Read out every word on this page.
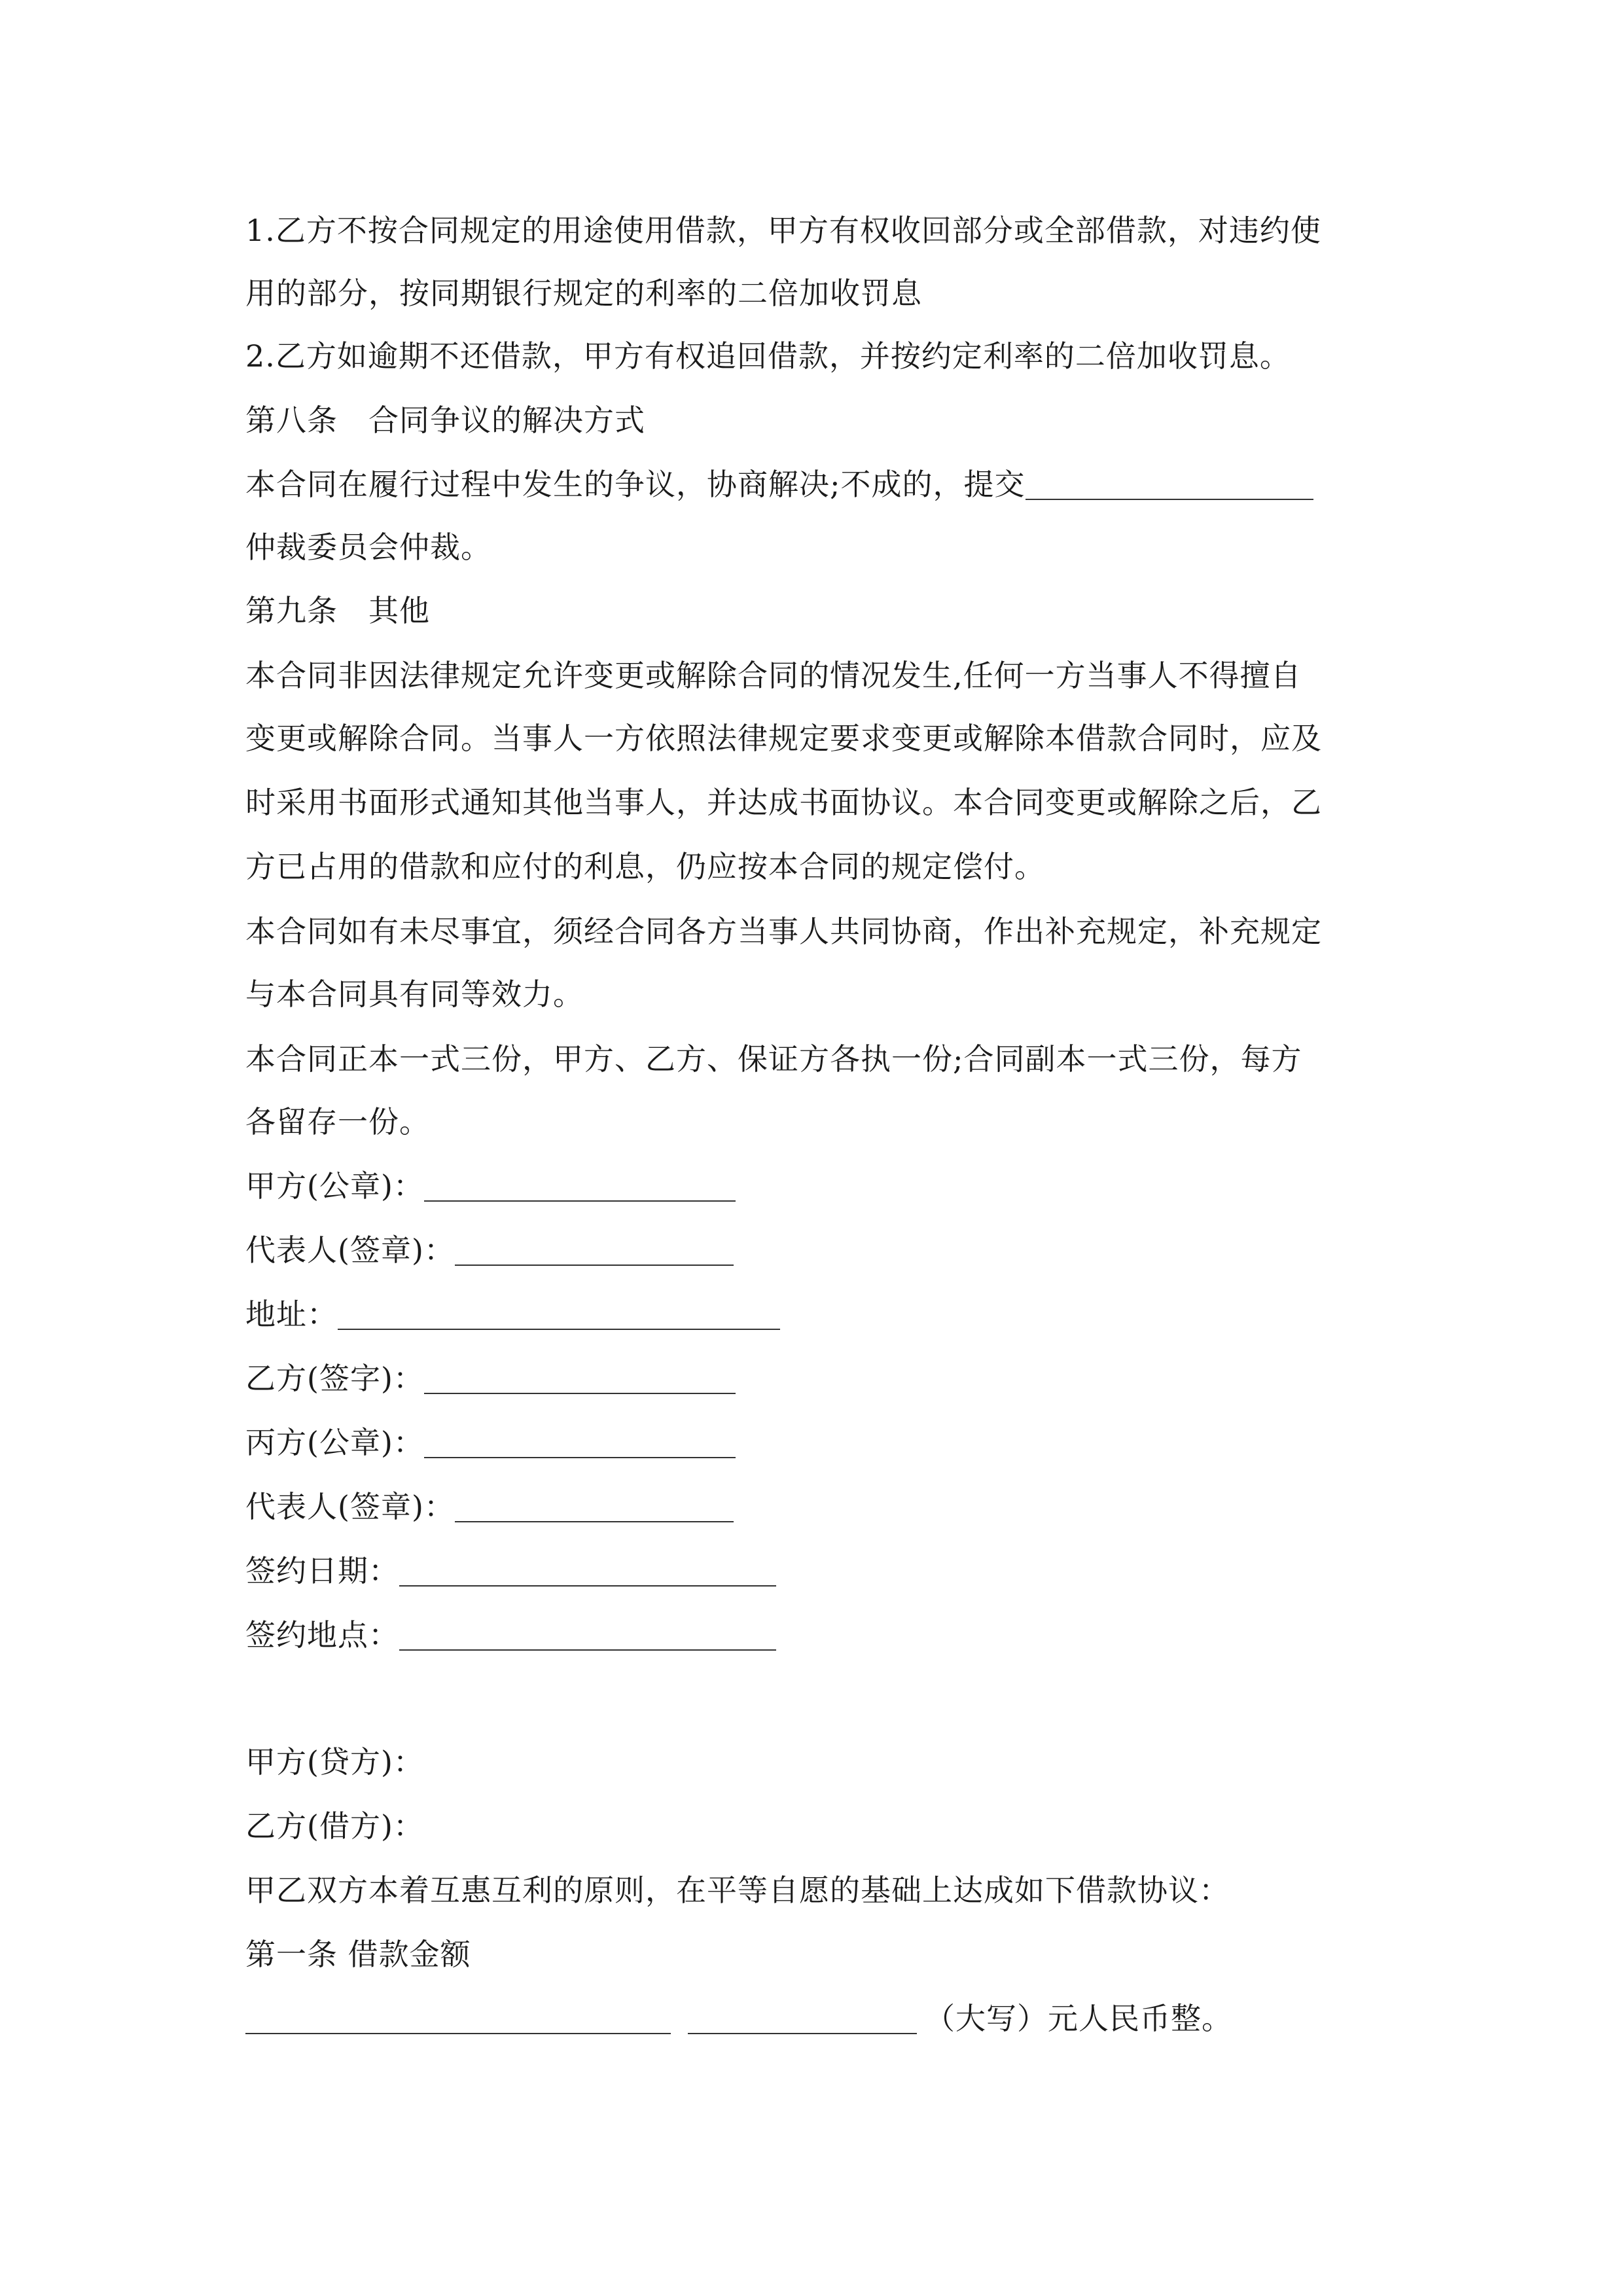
1.乙方不按合同规定的用途使用借款，甲方有权收回部分或全部借款，对违约使
用的部分，按同期银行规定的利率的二倍加收罚息
2.乙方如逾期不还借款，甲方有权追回借款，并按约定利率的二倍加收罚息。
第八条　合同争议的解决方式
本合同在履行过程中发生的争议，协商解决;不成的，提交
仲裁委员会仲裁。
第九条　其他
本合同非因法律规定允许变更或解除合同的情况发生,任何一方当事人不得擅自
变更或解除合同。当事人一方依照法律规定要求变更或解除本借款合同时，应及
时采用书面形式通知其他当事人，并达成书面协议。本合同变更或解除之后，乙
方已占用的借款和应付的利息，仍应按本合同的规定偿付。
本合同如有未尽事宜，须经合同各方当事人共同协商，作出补充规定，补充规定
与本合同具有同等效力。
本合同正本一式三份，甲方、乙方、保证方各执一份;合同副本一式三份，每方
各留存一份。
甲方(公章)：
代表人(签章)：
地址：
乙方(签字)：
丙方(公章)：
代表人(签章)：
签约日期：
签约地点：
甲方(贷方)：
乙方(借方)：
甲乙双方本着互惠互利的原则，在平等自愿的基础上达成如下借款协议：
第一条 借款金额
（大写）元人民币整。
